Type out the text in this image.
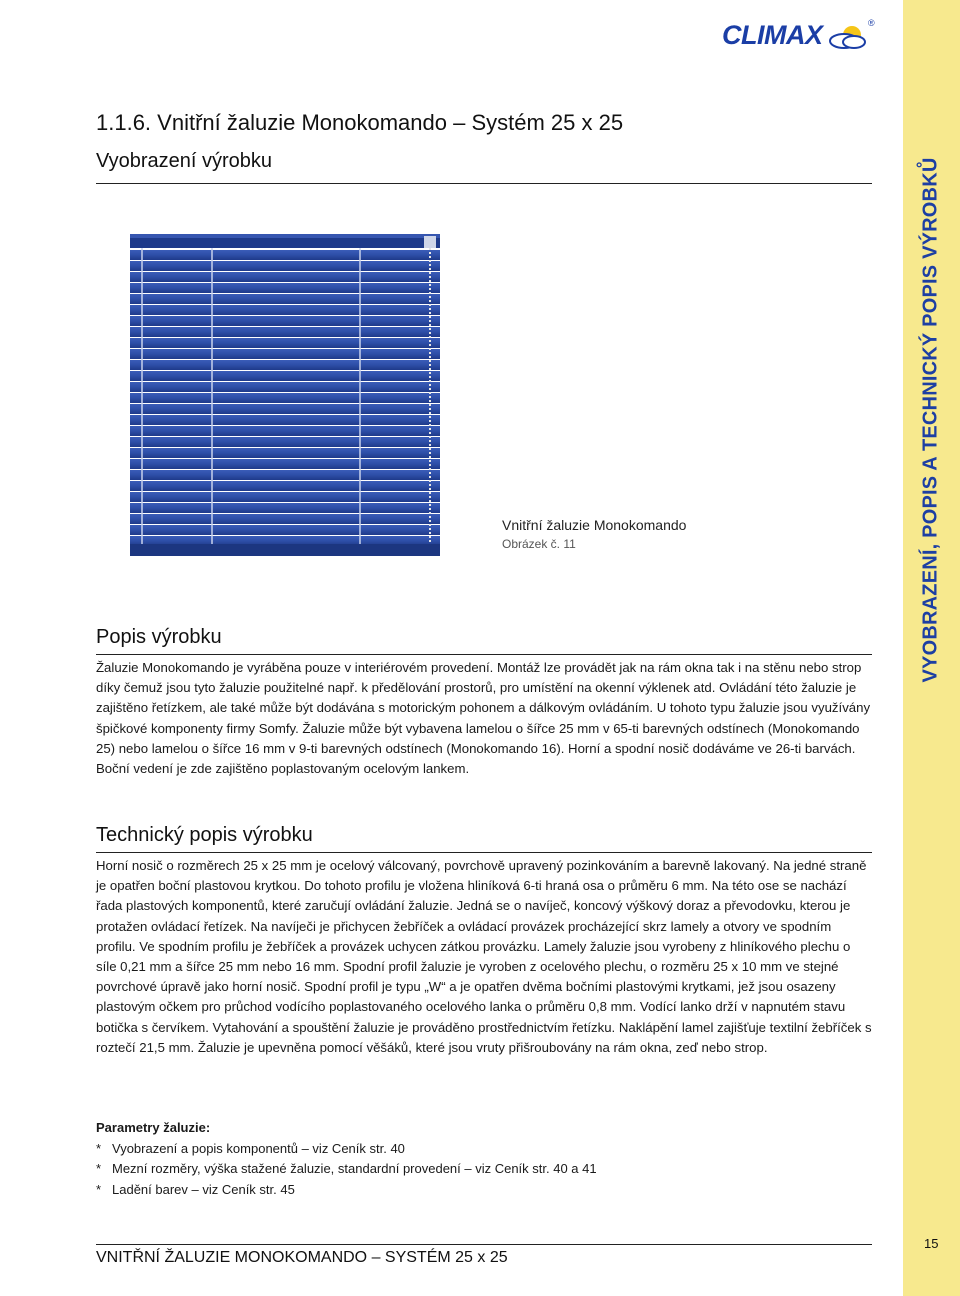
VYOBRAZENÍ, POPIS A TECHNICKÝ POPIS VÝROBKŮ
CLIMAX	®
1.1.6. Vnitřní žaluzie Monokomando – Systém 25 x 25
Vyobrazení výrobku
Vnitřní žaluzie Monokomando
Obrázek č. 11
Popis výrobku

Žaluzie Monokomando je vyráběna pouze v interiérovém provedení. Montáž lze provádět jak na rám okna tak i na stěnu nebo strop díky čemuž jsou tyto žaluzie použitelné např. k předělování prostorů, pro umístění na okenní výklenek atd. Ovládání této žaluzie je zajištěno řetízkem, ale také může být dodávána s motorickým pohonem a dálkovým ovládáním. U tohoto typu žaluzie jsou využívány špičkové komponenty firmy Somfy. Žaluzie může být vybavena lamelou o šířce 25 mm v 65-ti barevných odstínech (Monokomando 25) nebo lamelou o šířce 16 mm v 9-ti barevných odstínech (Monokomando 16). Horní a spodní nosič dodáváme ve 26-ti barvách. Boční vedení je zde zajištěno poplastovaným ocelovým lankem.

Technický popis výrobku

Horní nosič o rozměrech 25 x 25 mm je ocelový válcovaný, povrchově upravený pozinkováním a barevně lakovaný. Na jedné straně je opatřen boční plastovou krytkou. Do tohoto profilu je vložena hliníková 6-ti hraná osa o průměru 6 mm. Na této ose se nachází řada plastových komponentů, které zaručují ovládání žaluzie. Jedná se o navíječ, koncový výškový doraz a převodovku, kterou je protažen ovládací řetízek. Na navíječi je přichycen žebříček a ovládací provázek procházející skrz lamely a otvory ve spodním profilu. Ve spodním profilu je žebříček a provázek uchycen zátkou provázku. Lamely žaluzie jsou vyrobeny z hliníkového plechu o síle 0,21 mm a šířce 25 mm nebo 16 mm. Spodní profil žaluzie je vyroben z ocelového plechu, o rozměru 25 x 10 mm ve stejné povrchové úpravě jako horní nosič. Spodní profil je typu „W“ a je opatřen dvěma bočními plastovými krytkami, jež jsou osazeny plastovým očkem pro průchod vodícího poplastovaného ocelového lanka o průměru 0,8 mm. Vodící lanko drží v napnutém stavu botička s červíkem. Vytahování a spouštění žaluzie je prováděno prostřednictvím řetízku. Naklápění lamel zajišťuje textilní žebříček s roztečí 21,5 mm. Žaluzie je upevněna pomocí věšáků, které jsou vruty přišroubovány na rám okna, zeď nebo strop.

Parametry žaluzie:
* Vyobrazení a popis komponentů – viz Ceník str. 40
* Mezní rozměry, výška stažené žaluzie, standardní provedení – viz Ceník str. 40 a 41
* Ladění barev – viz Ceník str. 45
VNITŘNÍ ŽALUZIE MONOKOMANDO – SYSTÉM 25 x 25
15
